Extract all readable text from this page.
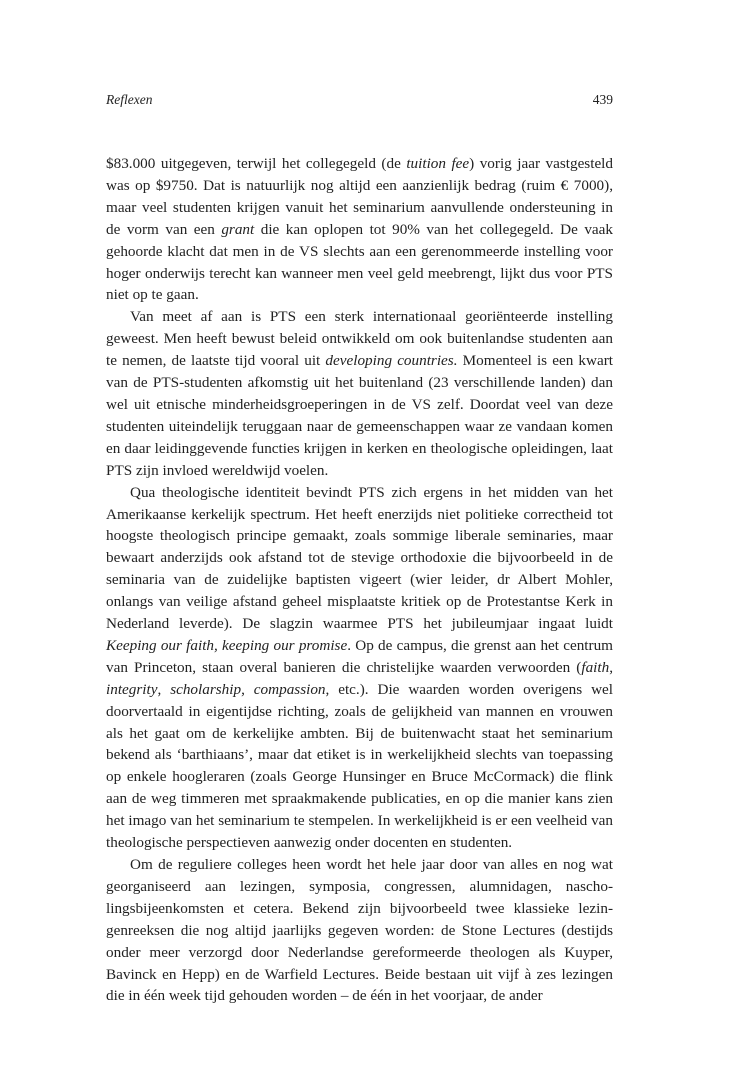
Reflexen	439

$83.000 uitgegeven, terwijl het collegegeld (de tuition fee) vorig jaar vastgesteld was op $9750. Dat is natuurlijk nog altijd een aanzienlijk bedrag (ruim € 7000), maar veel studenten krijgen vanuit het seminarium aanvullende ondersteuning in de vorm van een grant die kan oplopen tot 90% van het collegegeld. De vaak gehoorde klacht dat men in de VS slechts aan een gerenommeerde instelling voor hoger onderwijs terecht kan wanneer men veel geld meebrengt, lijkt dus voor PTS niet op te gaan.

Van meet af aan is PTS een sterk internationaal georiënteerde instelling geweest. Men heeft bewust beleid ontwikkeld om ook buitenlandse studenten aan te nemen, de laatste tijd vooral uit developing countries. Momenteel is een kwart van de PTS-studenten afkomstig uit het buitenland (23 verschillende landen) dan wel uit etnische minderheidsgroeperingen in de VS zelf. Doordat veel van deze studenten uiteindelijk teruggaan naar de gemeenschappen waar ze vandaan komen en daar leidinggevende functies krijgen in kerken en theologische opleidingen, laat PTS zijn invloed wereldwijd voelen.

Qua theologische identiteit bevindt PTS zich ergens in het midden van het Amerikaanse kerkelijk spectrum. Het heeft enerzijds niet politieke correctheid tot hoogste theologisch principe gemaakt, zoals sommige liberale seminaries, maar bewaart anderzijds ook afstand tot de stevige orthodoxie die bijvoorbeeld in de seminaria van de zuidelijke baptisten vigeert (wier leider, dr Albert Mohler, onlangs van veilige afstand geheel misplaatste kritiek op de Protestantse Kerk in Nederland leverde). De slagzin waarmee PTS het jubileumjaar ingaat luidt Keeping our faith, keeping our promise. Op de campus, die grenst aan het centrum van Princeton, staan overal banieren die christelijke waarden verwoorden (faith, integrity, scholarship, compassion, etc.). Die waarden worden overigens wel doorvertaald in eigentijdse richting, zoals de gelijkheid van mannen en vrouwen als het gaat om de kerkelijke ambten. Bij de buitenwacht staat het seminarium bekend als ‘barthiaans’, maar dat etiket is in werkelijkheid slechts van toepassing op enkele hoogleraren (zoals George Hunsinger en Bruce McCormack) die flink aan de weg timmeren met spraakmakende publicaties, en op die manier kans zien het imago van het seminarium te stempelen. In werkelijkheid is er een veelheid van theologische perspectieven aanwezig onder docenten en studenten.

Om de reguliere colleges heen wordt het hele jaar door van alles en nog wat georganiseerd aan lezingen, symposia, congressen, alumnidagen, nascholingsbijeenkomsten et cetera. Bekend zijn bijvoorbeeld twee klassieke lezingenreeksen die nog altijd jaarlijks gegeven worden: de Stone Lectures (destijds onder meer verzorgd door Nederlandse gereformeerde theologen als Kuyper, Bavinck en Hepp) en de Warfield Lectures. Beide bestaan uit vijf à zes lezingen die in één week tijd gehouden worden – de één in het voorjaar, de ander
